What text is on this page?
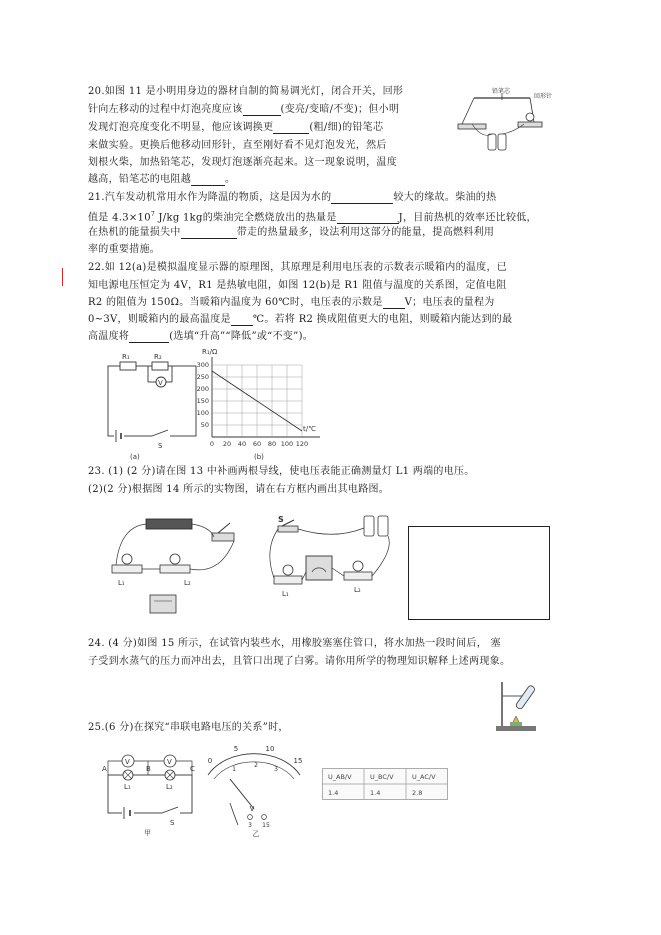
20.如图 11 是小明用身边的器材自制的简易调光灯，闭合开关，回形
针向左移动的过程中灯泡亮度应该	(变亮/变暗/不变)；但小明
发现灯泡亮度变化不明显，他应该调换更	(粗/细)的铅笔芯
来做实验。更换后他移动回形针，直至刚好看不见灯泡发光，然后
划根火柴，加热铅笔芯，发现灯泡逐渐亮起来。这一现象说明，温度
越高，铅笔芯的电阻越	。
铅笔芯
回形针
21.汽车发动机常用水作为降温的物质，这是因为水的	较大的缘故。柴油的热
值是 $4.3\times 10^7$ J/kg 1kg的柴油完全燃烧放出的热量是	J，目前热机的效率还比较低，
在热机的能量损失中	带走的热量最多，设法利用这部分的能量，提高燃料利用
率的重要措施。
22.如 12(a)是模拟温度显示器的原理图，其原理是利用电压表的示数表示暖箱内的温度，已
知电源电压恒定为 4V，R1 是热敏电阻，如图 12(b)是 R1 阻值与温度的关系图，定值电阻
R2 的阻值为 150Ω。当暖箱内温度为 60℃时，电压表的示数是 V；电压表的量程为
0~3V，则暖箱内的最高温度是 ℃。若将 R2 换成阻值更大的电阻，则暖箱内能达到的最
高温度将	(选填“升高”“降低”或“不变”)。
R₁	R₂
V
S
(a)
R₁/Ω
300
250
200
150
100
50
0 20 40 60 80 100 120
t/℃
(b)
23. (1) (2 分)请在图 13 中补画两根导线，使电压表能正确测量灯 L1 两端的电压。
(2)(2 分)根据图 14 所示的实物图，请在右方框内画出其电路图。
L₁	L₂
S
L₁	L₂
24. (4 分)如图 15 所示，在试管内装些水，用橡胶塞塞住管口，将水加热一段时间后， 塞
子受到水蒸气的压力而冲出去，且管口出现了白雾。请你用所学的物理知识解释上述两现象。
25.(6 分)在探究“串联电路电压的关系”时，
A	B	C
V	V
L₁	L₂
S
甲
0
5	10
15
1
2
3
V
3 15
乙
U_AB/V	U_BC/V	U_AC/V
1.4	1.4	2.8
